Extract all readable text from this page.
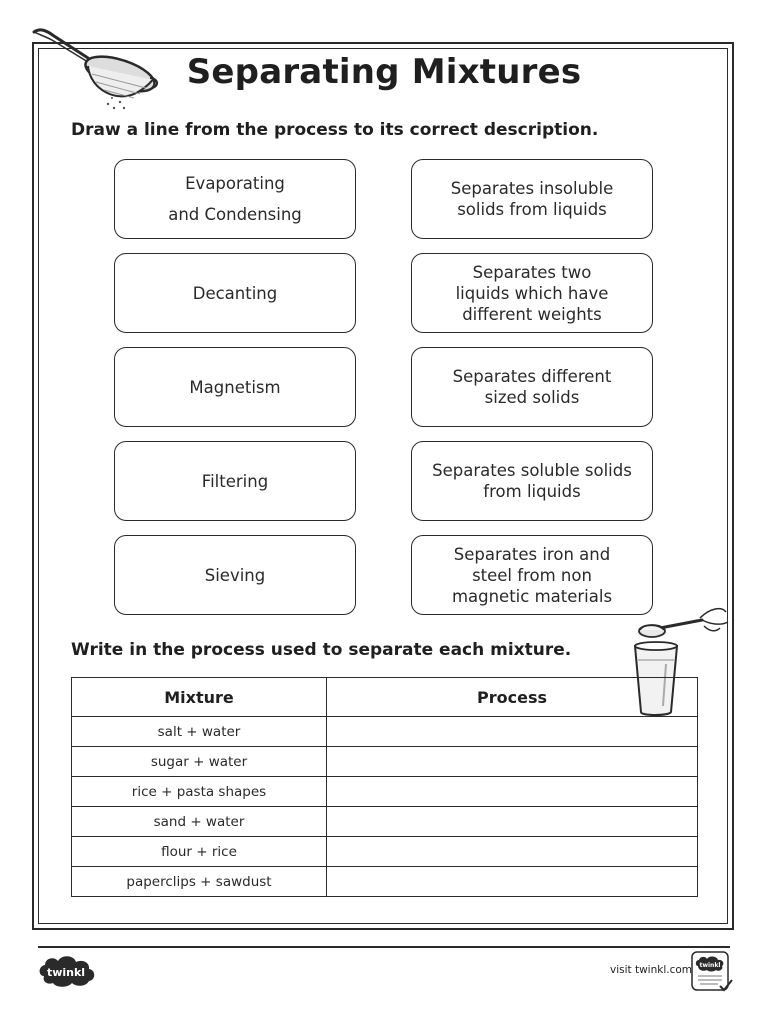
Separating Mixtures
Draw a line from the process to its correct description.
Evaporating
and Condensing
Decanting
Magnetism
Filtering
Sieving
Separates insoluble
solids from liquids
Separates two
liquids which have
different weights
Separates different
sized solids
Separates soluble solids
from liquids
Separates iron and
steel from non
magnetic materials
Write in the process used to separate each mixture.
Mixture	Process
salt + water	
sugar + water	
rice + pasta shapes	
sand + water	
flour + rice	
paperclips + sawdust	
twinkl	visit twinkl.com twinkl
